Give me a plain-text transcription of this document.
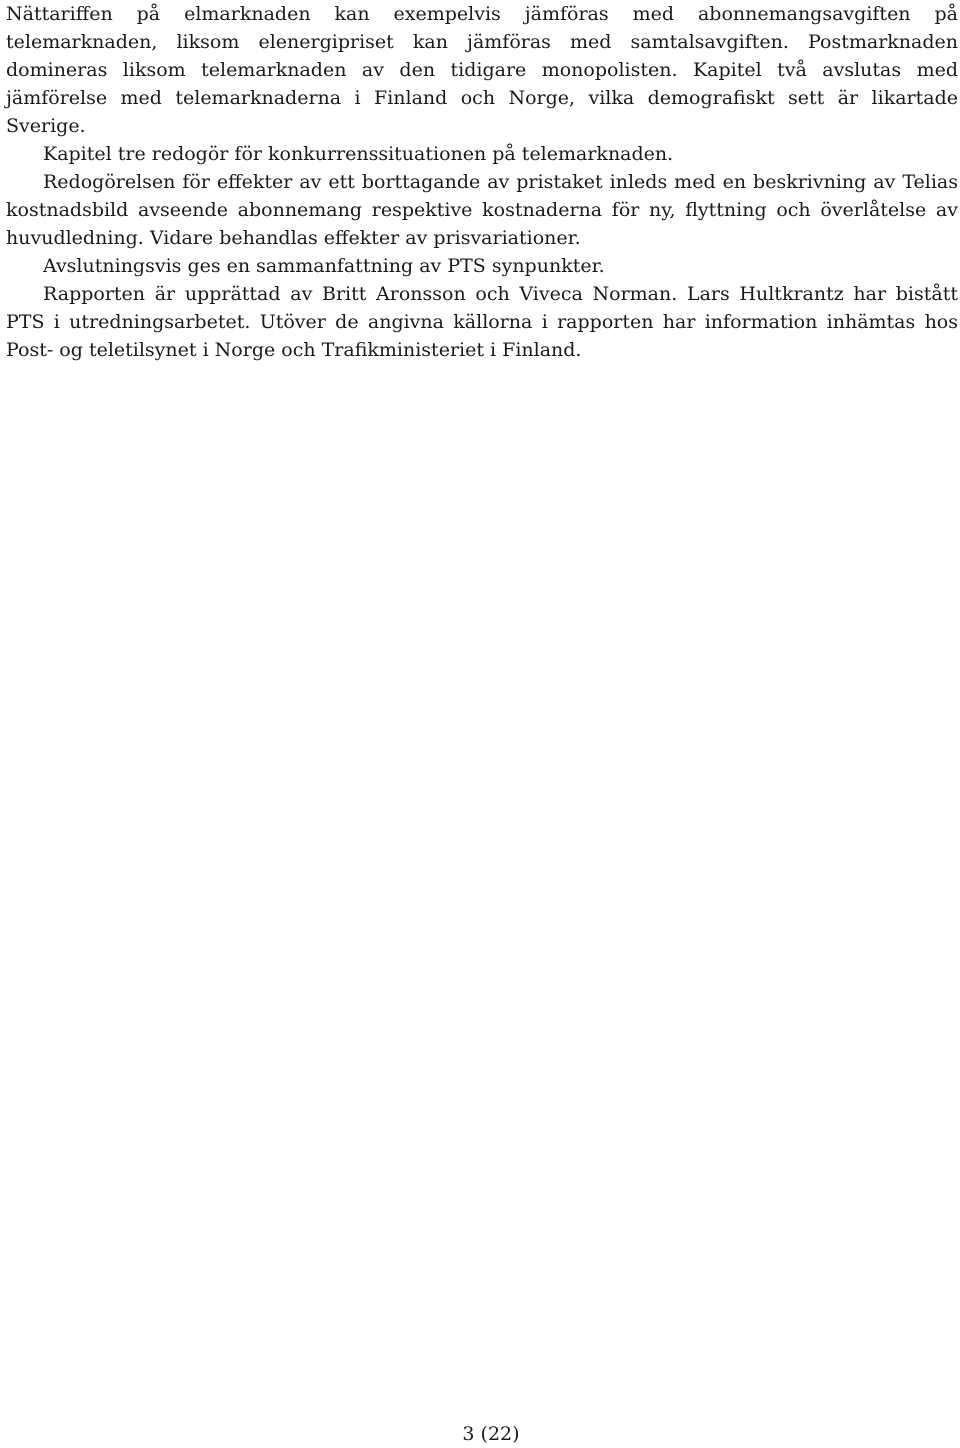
Nättariffen på elmarknaden kan exempelvis jämföras med abonnemangsavgiften på telemarknaden, liksom elenergipriset kan jämföras med samtalsavgiften. Postmarknaden domineras liksom telemarknaden av den tidigare monopolisten. Kapitel två avslutas med jämförelse med telemarknaderna i Finland och Norge, vilka demografiskt sett är likartade Sverige.

Kapitel tre redogör för konkurrenssituationen på telemarknaden.

Redogörelsen för effekter av ett borttagande av pristaket inleds med en beskrivning av Telias kostnadsbild avseende abonnemang respektive kostnaderna för ny, flyttning och överlåtelse av huvudledning. Vidare behandlas effekter av prisvariationer.

Avslutningsvis ges en sammanfattning av PTS synpunkter.

Rapporten är upprättad av Britt Aronsson och Viveca Norman. Lars Hultkrantz har bistått PTS i utredningsarbetet. Utöver de angivna källorna i rapporten har information inhämtas hos Post- og teletilsynet i Norge och Trafikministeriet i Finland.

3 (22)
